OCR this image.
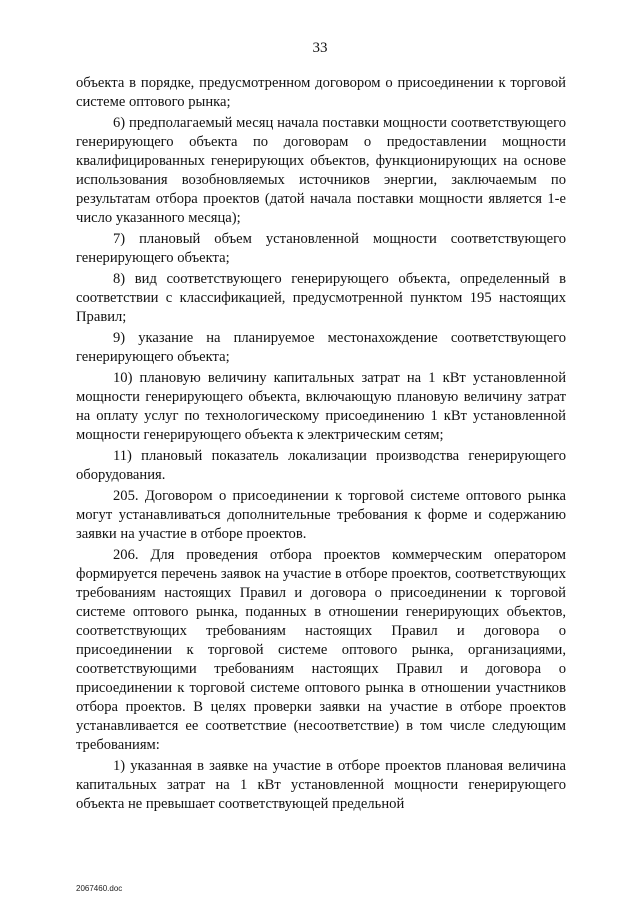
33

объекта в порядке, предусмотренном договором о присоединении к торговой системе оптового рынка;

6) предполагаемый месяц начала поставки мощности соответствующего генерирующего объекта по договорам о предоставлении мощности квалифицированных генерирующих объектов, функционирующих на основе использования возобновляемых источников энергии, заключаемым по результатам отбора проектов (датой начала поставки мощности является 1-е число указанного месяца);

7) плановый объем установленной мощности соответствующего генерирующего объекта;

8) вид соответствующего генерирующего объекта, определенный в соответствии с классификацией, предусмотренной пунктом 195 настоящих Правил;

9) указание на планируемое местонахождение соответствующего генерирующего объекта;

10) плановую величину капитальных затрат на 1 кВт установленной мощности генерирующего объекта, включающую плановую величину затрат на оплату услуг по технологическому присоединению 1 кВт установленной мощности генерирующего объекта к электрическим сетям;

11) плановый показатель локализации производства генерирующего оборудования.

205. Договором о присоединении к торговой системе оптового рынка могут устанавливаться дополнительные требования к форме и содержанию заявки на участие в отборе проектов.

206. Для проведения отбора проектов коммерческим оператором формируется перечень заявок на участие в отборе проектов, соответствующих требованиям настоящих Правил и договора о присоединении к торговой системе оптового рынка, поданных в отношении генерирующих объектов, соответствующих требованиям настоящих Правил и договора о присоединении к торговой системе оптового рынка, организациями, соответствующими требованиям настоящих Правил и договора о присоединении к торговой системе оптового рынка в отношении участников отбора проектов. В целях проверки заявки на участие в отборе проектов устанавливается ее соответствие (несоответствие) в том числе следующим требованиям:

1) указанная в заявке на участие в отборе проектов плановая величина капитальных затрат на 1 кВт установленной мощности генерирующего объекта не превышает соответствующей предельной

2067460.doc
